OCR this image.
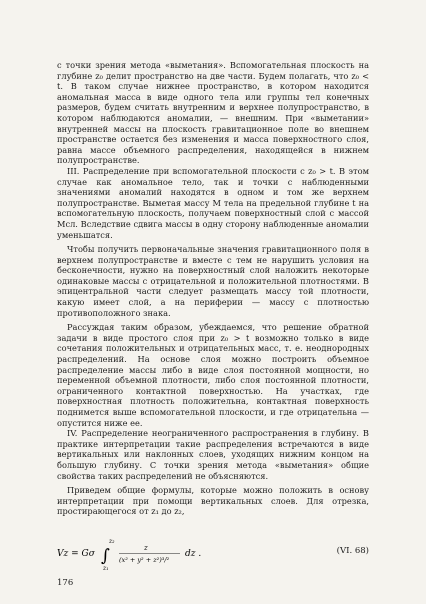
с точки зрения метода «выметания». Вспомогательная плоскость на глубине z₀ делит пространство на две части. Будем полагать, что z₀ < t. В таком случае нижнее пространство, в котором находится аномальная масса в виде одного тела или группы тел конечных размеров, будем считать внутренним и верхнее полупространство, в котором наблюдаются аномалии, — внешним. При «выметании» внутренней массы на плоскость гравитационное поле во внешнем пространстве остается без изменения и масса поверхностного слоя, равна массе объемного распределения, находящейся в нижнем полупространстве.

III. Распределение при вспомогательной плоскости с z₀ > t. В этом случае как аномальное тело, так и точки с наблюденными значениями аномалий находятся в одном и том же верхнем полупространстве. Выметая массу M тела на предельной глубине t на вспомогательную плоскость, получаем поверхностный слой с массой Mсл. Вследствие сдвига массы в одну сторону наблюденные аномалии уменьшатся.

Чтобы получить первоначальные значения гравитационного поля в верхнем полупространстве и вместе с тем не нарушить условия на бесконечности, нужно на поверхностный слой наложить некоторые одинаковые массы с отрицательной и положительной плотностями. В эпицентральной части следует размещать массу той плотности, какую имеет слой, а на периферии — массу с плотностью противоположного знака.

Рассуждая таким образом, убеждаемся, что решение обратной задачи в виде простого слоя при z₀ > t возможно только в виде сочетания положительных и отрицательных масс, т. е. неоднородных распределений. На основе слоя можно построить объемное распределение массы либо в виде слоя постоянной мощности, но переменной объемной плотности, либо слоя постоянной плотности, ограниченного контактной поверхностью. На участках, где поверхностная плотность положительна, контактная поверхность поднимется выше вспомогательной плоскости, и где отрицательна — опустится ниже ее.

IV. Распределение неограниченного распространения в глубину. В практике интерпретации такие распределения встречаются в виде вертикальных или наклонных слоев, уходящих нижним концом на большую глубину. С точки зрения метода «выметания» общие свойства таких распределений не объясняются.

Приведем общие формулы, которые можно положить в основу интерпретации при помощи вертикальных слоев. Для отрезка, простирающегося от z₁ до z₂,

Vz = Gσ ∫
z₂
z₁
z
(x² + y² + z²)³/²
dz .	(VI. 68)
176
